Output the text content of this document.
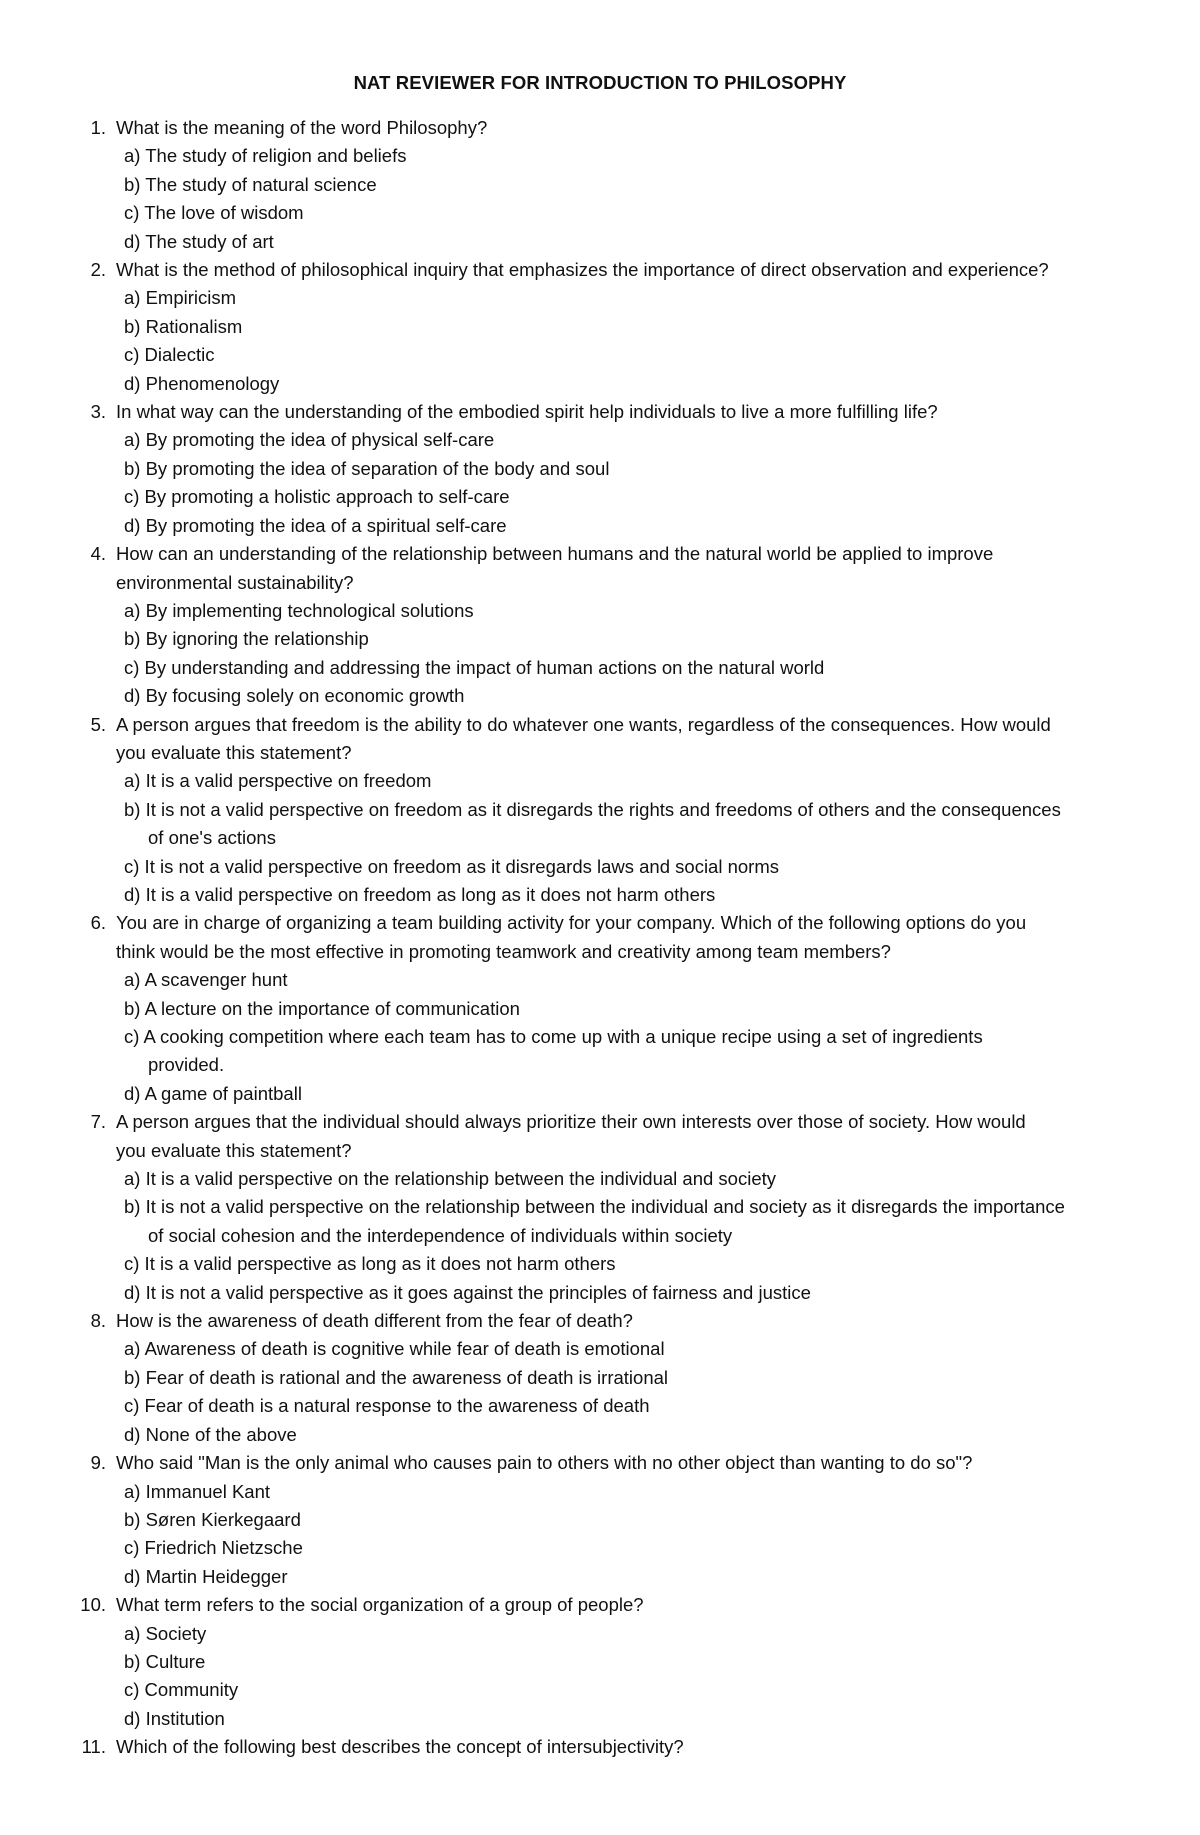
NAT REVIEWER FOR INTRODUCTION TO PHILOSOPHY
1. What is the meaning of the word Philosophy?
a) The study of religion and beliefs
b) The study of natural science
c) The love of wisdom
d) The study of art
2. What is the method of philosophical inquiry that emphasizes the importance of direct observation and experience?
a) Empiricism
b) Rationalism
c) Dialectic
d) Phenomenology
3. In what way can the understanding of the embodied spirit help individuals to live a more fulfilling life?
a) By promoting the idea of physical self-care
b) By promoting the idea of separation of the body and soul
c) By promoting a holistic approach to self-care
d) By promoting the idea of a spiritual self-care
4. How can an understanding of the relationship between humans and the natural world be applied to improve
environmental sustainability?
a) By implementing technological solutions
b) By ignoring the relationship
c) By understanding and addressing the impact of human actions on the natural world
d) By focusing solely on economic growth
5. A person argues that freedom is the ability to do whatever one wants, regardless of the consequences. How would
you evaluate this statement?
a) It is a valid perspective on freedom
b) It is not a valid perspective on freedom as it disregards the rights and freedoms of others and the consequences
of one's actions
c) It is not a valid perspective on freedom as it disregards laws and social norms
d) It is a valid perspective on freedom as long as it does not harm others
6. You are in charge of organizing a team building activity for your company. Which of the following options do you
think would be the most effective in promoting teamwork and creativity among team members?
a) A scavenger hunt
b) A lecture on the importance of communication
c) A cooking competition where each team has to come up with a unique recipe using a set of ingredients
provided.
d) A game of paintball
7. A person argues that the individual should always prioritize their own interests over those of society. How would
you evaluate this statement?
a) It is a valid perspective on the relationship between the individual and society
b) It is not a valid perspective on the relationship between the individual and society as it disregards the importance
of social cohesion and the interdependence of individuals within society
c) It is a valid perspective as long as it does not harm others
d) It is not a valid perspective as it goes against the principles of fairness and justice
8. How is the awareness of death different from the fear of death?
a) Awareness of death is cognitive while fear of death is emotional
b) Fear of death is rational and the awareness of death is irrational
c) Fear of death is a natural response to the awareness of death
d) None of the above
9. Who said "Man is the only animal who causes pain to others with no other object than wanting to do so"?
a) Immanuel Kant
b) Søren Kierkegaard
c) Friedrich Nietzsche
d) Martin Heidegger
10. What term refers to the social organization of a group of people?
a) Society
b) Culture
c) Community
d) Institution
11. Which of the following best describes the concept of intersubjectivity?
